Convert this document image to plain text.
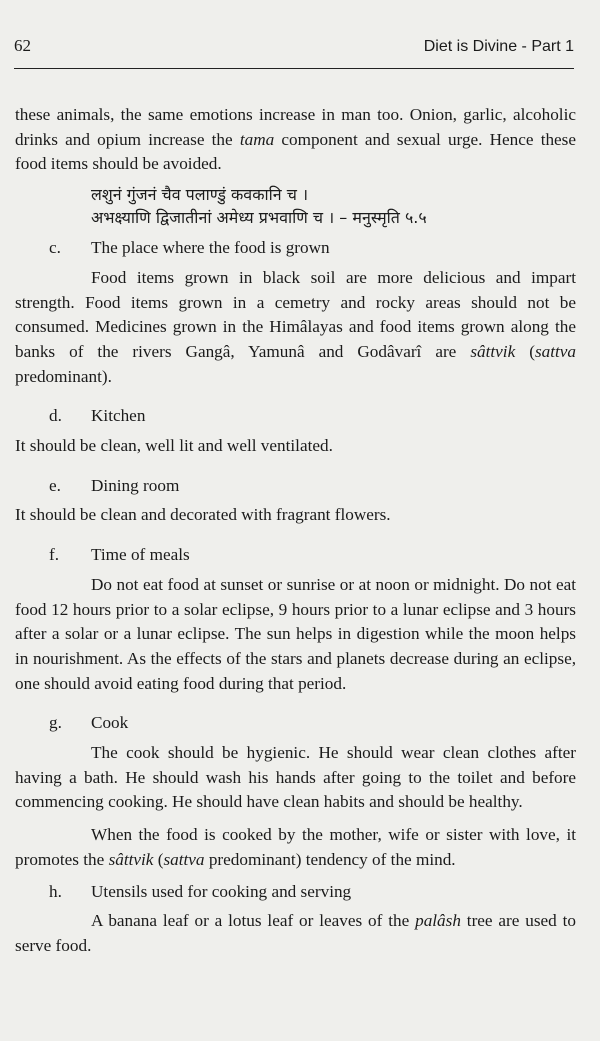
62	Diet is Divine - Part 1

these animals, the same emotions increase in man too. Onion, garlic, alcoholic drinks and opium increase the tama component and sexual urge. Hence these food items should be avoided.

लशुनं गुंजनं चैव पलाण्डुं कवकानि च ।
अभक्ष्याणि द्विजातीनां अमेध्य प्रभवाणि च । – मनुस्मृति ५.५
c.	The place where the food is grown

Food items grown in black soil are more delicious and impart strength. Food items grown in a cemetry and rocky areas should not be consumed. Medicines grown in the Himâlayas and food items grown along the banks of the rivers Gangâ, Yamunâ and Godâvarî are sâttvik (sattva predominant).

d.	Kitchen

It should be clean, well lit and well ventilated.

e.	Dining room

It should be clean and decorated with fragrant flowers.

f.	Time of meals

Do not eat food at sunset or sunrise or at noon or midnight. Do not eat food 12 hours prior to a solar eclipse, 9 hours prior to a lunar eclipse and 3 hours after a solar or a lunar eclipse. The sun helps in digestion while the moon helps in nourishment. As the effects of the stars and planets decrease during an eclipse, one should avoid eating food during that period.

g.	Cook

The cook should be hygienic. He should wear clean clothes after having a bath. He should wash his hands after going to the toilet and before commencing cooking. He should have clean habits and should be healthy.

When the food is cooked by the mother, wife or sister with love, it promotes the sâttvik (sattva predominant) tendency of the mind.

h.	Utensils used for cooking and serving

A banana leaf or a lotus leaf or leaves of the palâsh tree are used to serve food.
